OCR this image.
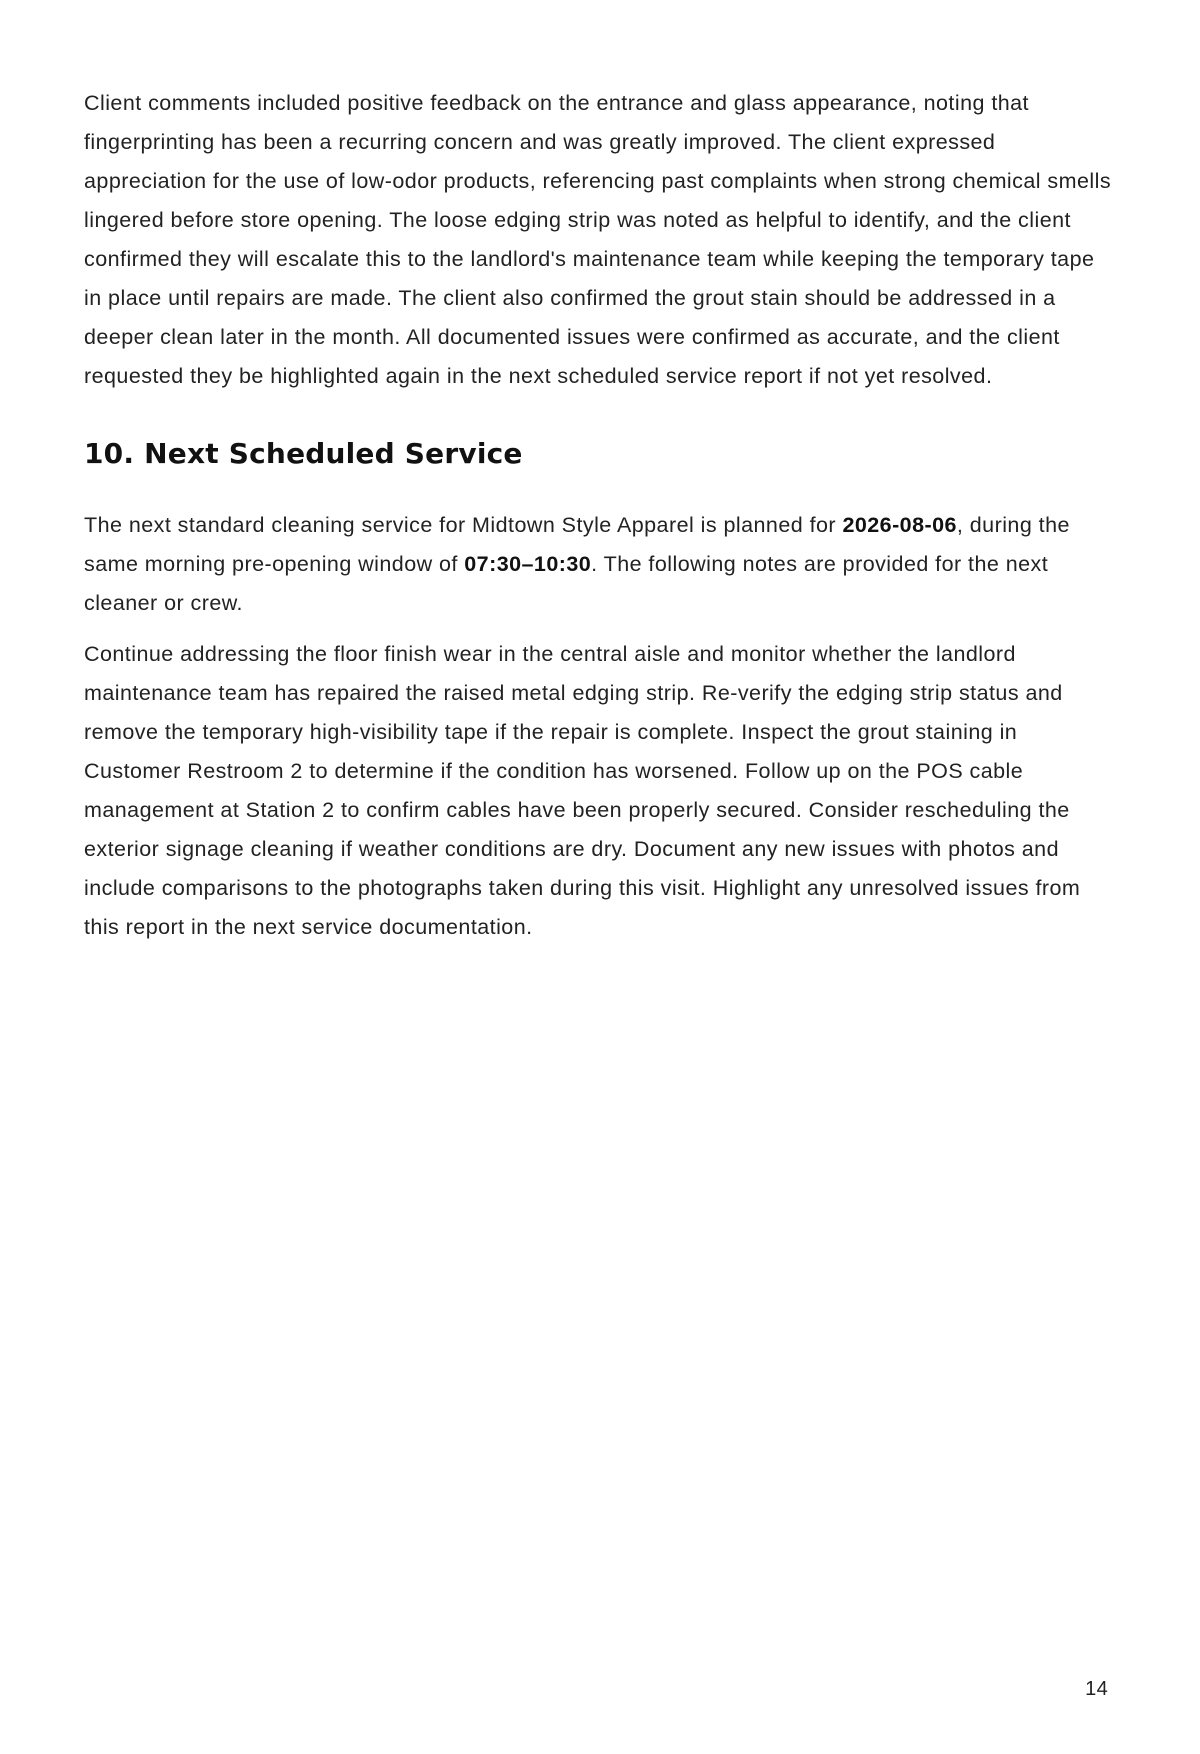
Client comments included positive feedback on the entrance and glass appearance, noting that fingerprinting has been a recurring concern and was greatly improved. The client expressed appreciation for the use of low-odor products, referencing past complaints when strong chemical smells lingered before store opening. The loose edging strip was noted as helpful to identify, and the client confirmed they will escalate this to the landlord's maintenance team while keeping the temporary tape in place until repairs are made. The client also confirmed the grout stain should be addressed in a deeper clean later in the month. All documented issues were confirmed as accurate, and the client requested they be highlighted again in the next scheduled service report if not yet resolved.

10. Next Scheduled Service

The next standard cleaning service for Midtown Style Apparel is planned for 2026-08-06, during the same morning pre-opening window of 07:30–10:30. The following notes are provided for the next cleaner or crew.

Continue addressing the floor finish wear in the central aisle and monitor whether the landlord maintenance team has repaired the raised metal edging strip. Re-verify the edging strip status and remove the temporary high-visibility tape if the repair is complete. Inspect the grout staining in Customer Restroom 2 to determine if the condition has worsened. Follow up on the POS cable management at Station 2 to confirm cables have been properly secured. Consider rescheduling the exterior signage cleaning if weather conditions are dry. Document any new issues with photos and include comparisons to the photographs taken during this visit. Highlight any unresolved issues from this report in the next service documentation.

14
